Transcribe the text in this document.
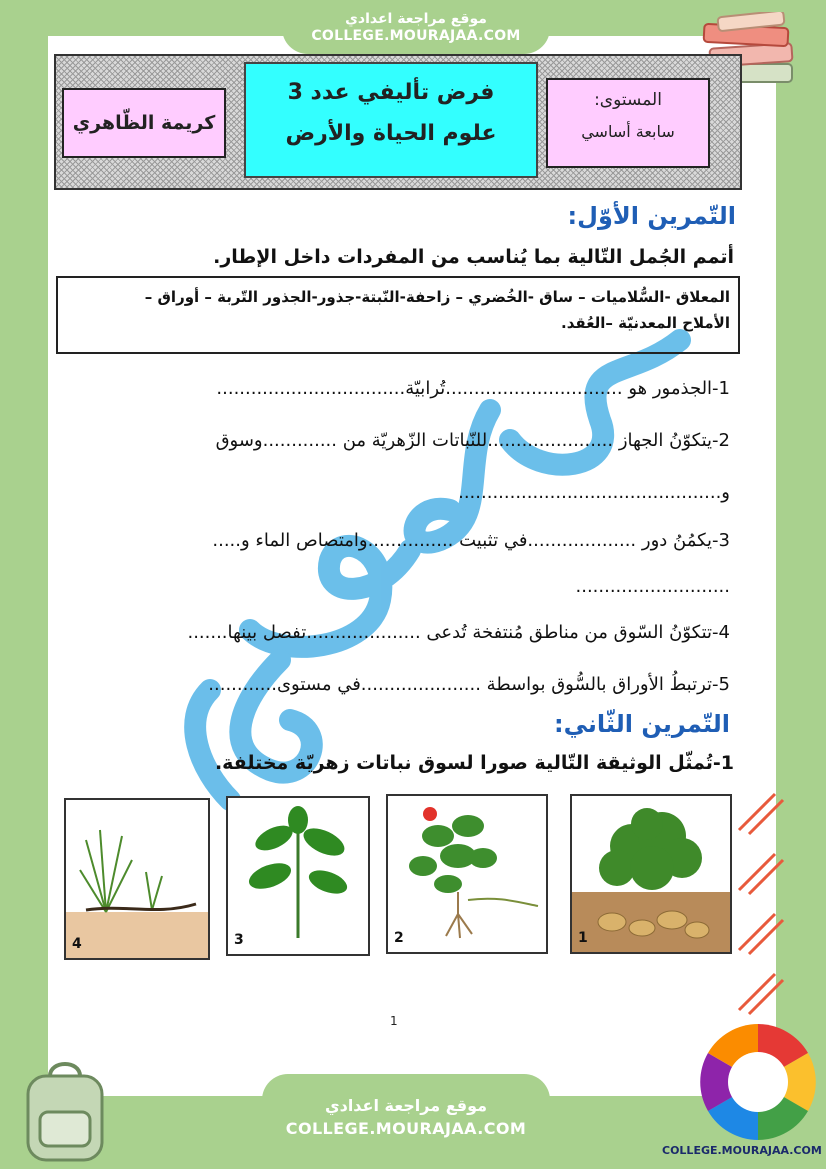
موقع مراجعة اعدادي
COLLEGE.MOURAJAA.COM
كريمة الظّاهري
فرض تأليفي عدد 3
علوم الحياة والأرض
المستوى:
سابعة أساسي
التّمرين الأوّل:
أتمم الجُمل التّالية بما يُناسب من المفردات داخل الإطار.
المعلاق -السُّلاميات – ساق -الخُضري – زاحفة-النّبتة-جذور-الجذور التّربة – أوراق –
الأملاح المعدنيّة –العُقد.
1-الجذمور هو ...............................تُرابيّة.................................
2-يتكوّنُ الجهاز ......................للنّباتات الزّهريّة من .............وسوق
و..............................................
3-يكمُنُ دور ...................في تثبيت ...............وامتصاص الماء و.....
...........................
4-تتكوّنُ السّوق من مناطق مُنتفخة تُدعى ....................تفصل بينها.......
5-ترتبطُ الأوراق بالسُّوق بواسطة .....................في مستوى............
التّمرين الثّاني:
1-تُمثّل الوثيقة التّالية صورا لسوق نباتات زهريّة مختلفة.
1
2
3
4
1
موقع مراجعة اعدادي
COLLEGE.MOURAJAA.COM
COLLEGE.MOURAJAA.COM
